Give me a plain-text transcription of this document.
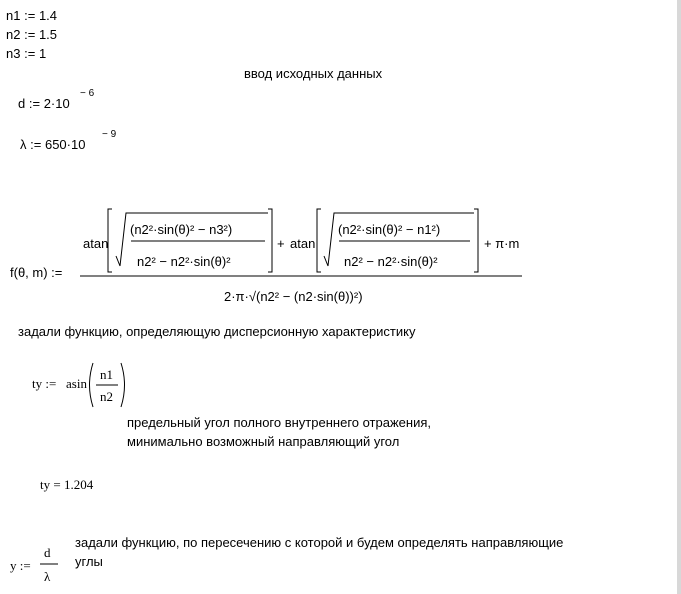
n1 := 1.4
n2 := 1.5
n3 := 1
ввод исходных данных
d := 2·10
− 6
λ := 650·10
− 9
f(θ, m) :=
atan
(n2²·sin(θ)² − n3²)
n2² − n2²·sin(θ)²
+ atan
(n2²·sin(θ)² − n1²)
n2² − n2²·sin(θ)²
+ π·m
2·π·√(n2² − (n2·sin(θ))²)
задали функцию, определяющую дисперсионную характеристику
ty := asin
n1
n2
предельный угол полного внутреннего отражения,
минимально возможный направляющий угол
ty = 1.204
y :=
d
λ
задали функцию, по пересечению с которой и будем определять направляющие
углы
